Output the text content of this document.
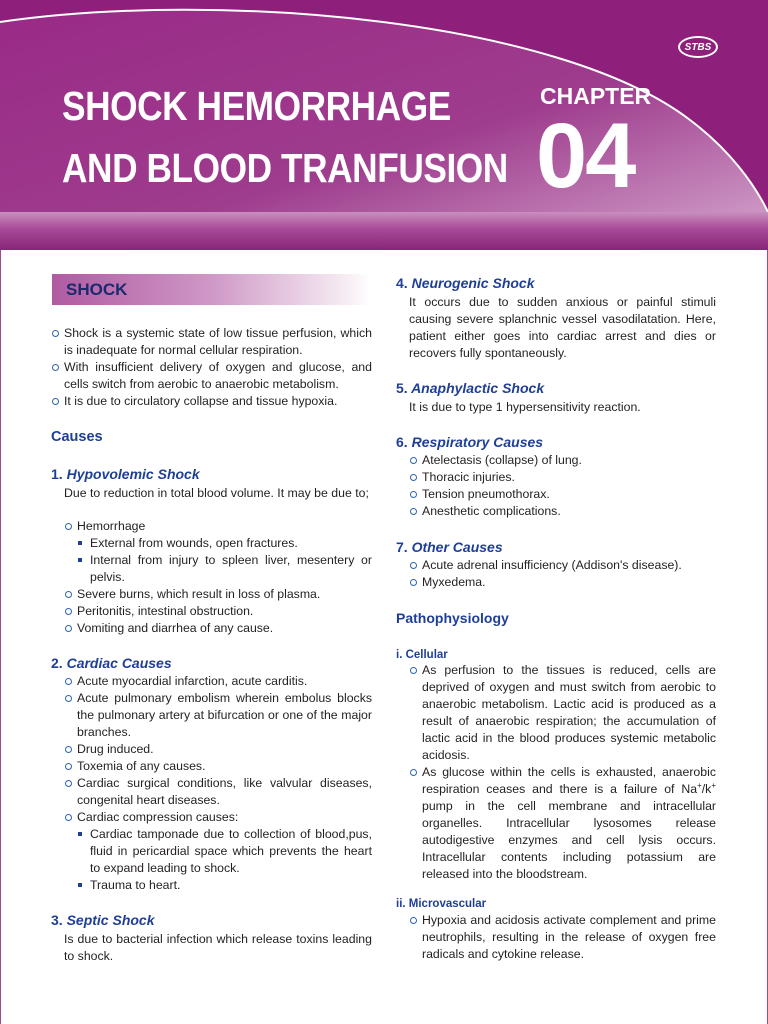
STBS
SHOCK HEMORRHAGE
AND BLOOD TRANFUSION
CHAPTER
04
SHOCK
Shock is a systemic state of low tissue perfusion, which is inadequate for normal cellular respiration.
With insufficient delivery of oxygen and glucose, and cells switch from aerobic to anaerobic metabolism.
It is due to circulatory collapse and tissue hypoxia.
Causes
1. Hypovolemic Shock
Due to reduction in total blood volume. It may be due to;
Hemorrhage
External from wounds, open fractures.
Internal from injury to spleen liver, mesentery or pelvis.
Severe burns, which result in loss of plasma.
Peritonitis, intestinal obstruction.
Vomiting and diarrhea of any cause.
2. Cardiac Causes
Acute myocardial infarction, acute carditis.
Acute pulmonary embolism wherein embolus blocks the pulmonary artery at bifurcation or one of the major branches.
Drug induced.
Toxemia of any causes.
Cardiac surgical conditions, like valvular diseases, congenital heart diseases.
Cardiac compression causes:
Cardiac tamponade due to collection of blood,pus, fluid in pericardial space which prevents the heart to expand leading to shock.
Trauma to heart.
3. Septic Shock
Is due to bacterial infection which release toxins leading to shock.
4. Neurogenic Shock
It occurs due to sudden anxious or painful stimuli causing severe splanchnic vessel vasodilatation. Here, patient either goes into cardiac arrest and dies or recovers fully spontaneously.
5. Anaphylactic Shock
It is due to type 1 hypersensitivity reaction.
6. Respiratory Causes
Atelectasis (collapse) of lung.
Thoracic injuries.
Tension pneumothorax.
Anesthetic complications.
7. Other Causes
Acute adrenal insufficiency (Addison's disease).
Myxedema.
Pathophysiology
i. Cellular
As perfusion to the tissues is reduced, cells are deprived of oxygen and must switch from aerobic to anaerobic metabolism. Lactic acid is produced as a result of anaerobic respiration; the accumulation of lactic acid in the blood produces systemic metabolic acidosis.
As glucose within the cells is exhausted, anaerobic respiration ceases and there is a failure of Na+/k+ pump in the cell membrane and intracellular organelles. Intracellular lysosomes release autodigestive enzymes and cell lysis occurs. Intracellular contents including potassium are released into the bloodstream.
ii. Microvascular
Hypoxia and acidosis activate complement and prime neutrophils, resulting in the release of oxygen free radicals and cytokine release.
